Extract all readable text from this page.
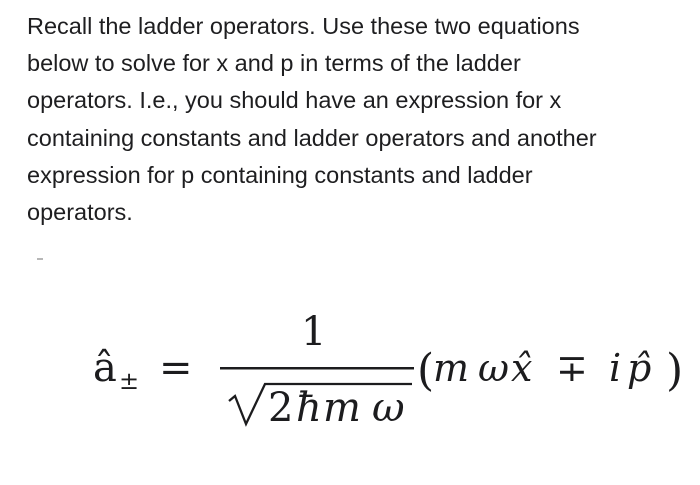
Recall the ladder operators. Use these two equations
below to solve for x and p in terms of the ladder
operators. I.e., you should have an expression for x
containing constants and ladder operators and another
expression for p containing constants and ladder
operators.

â ± =
1
2 ħ m ω
(
m ω x̂ ∓ i p̂ )
